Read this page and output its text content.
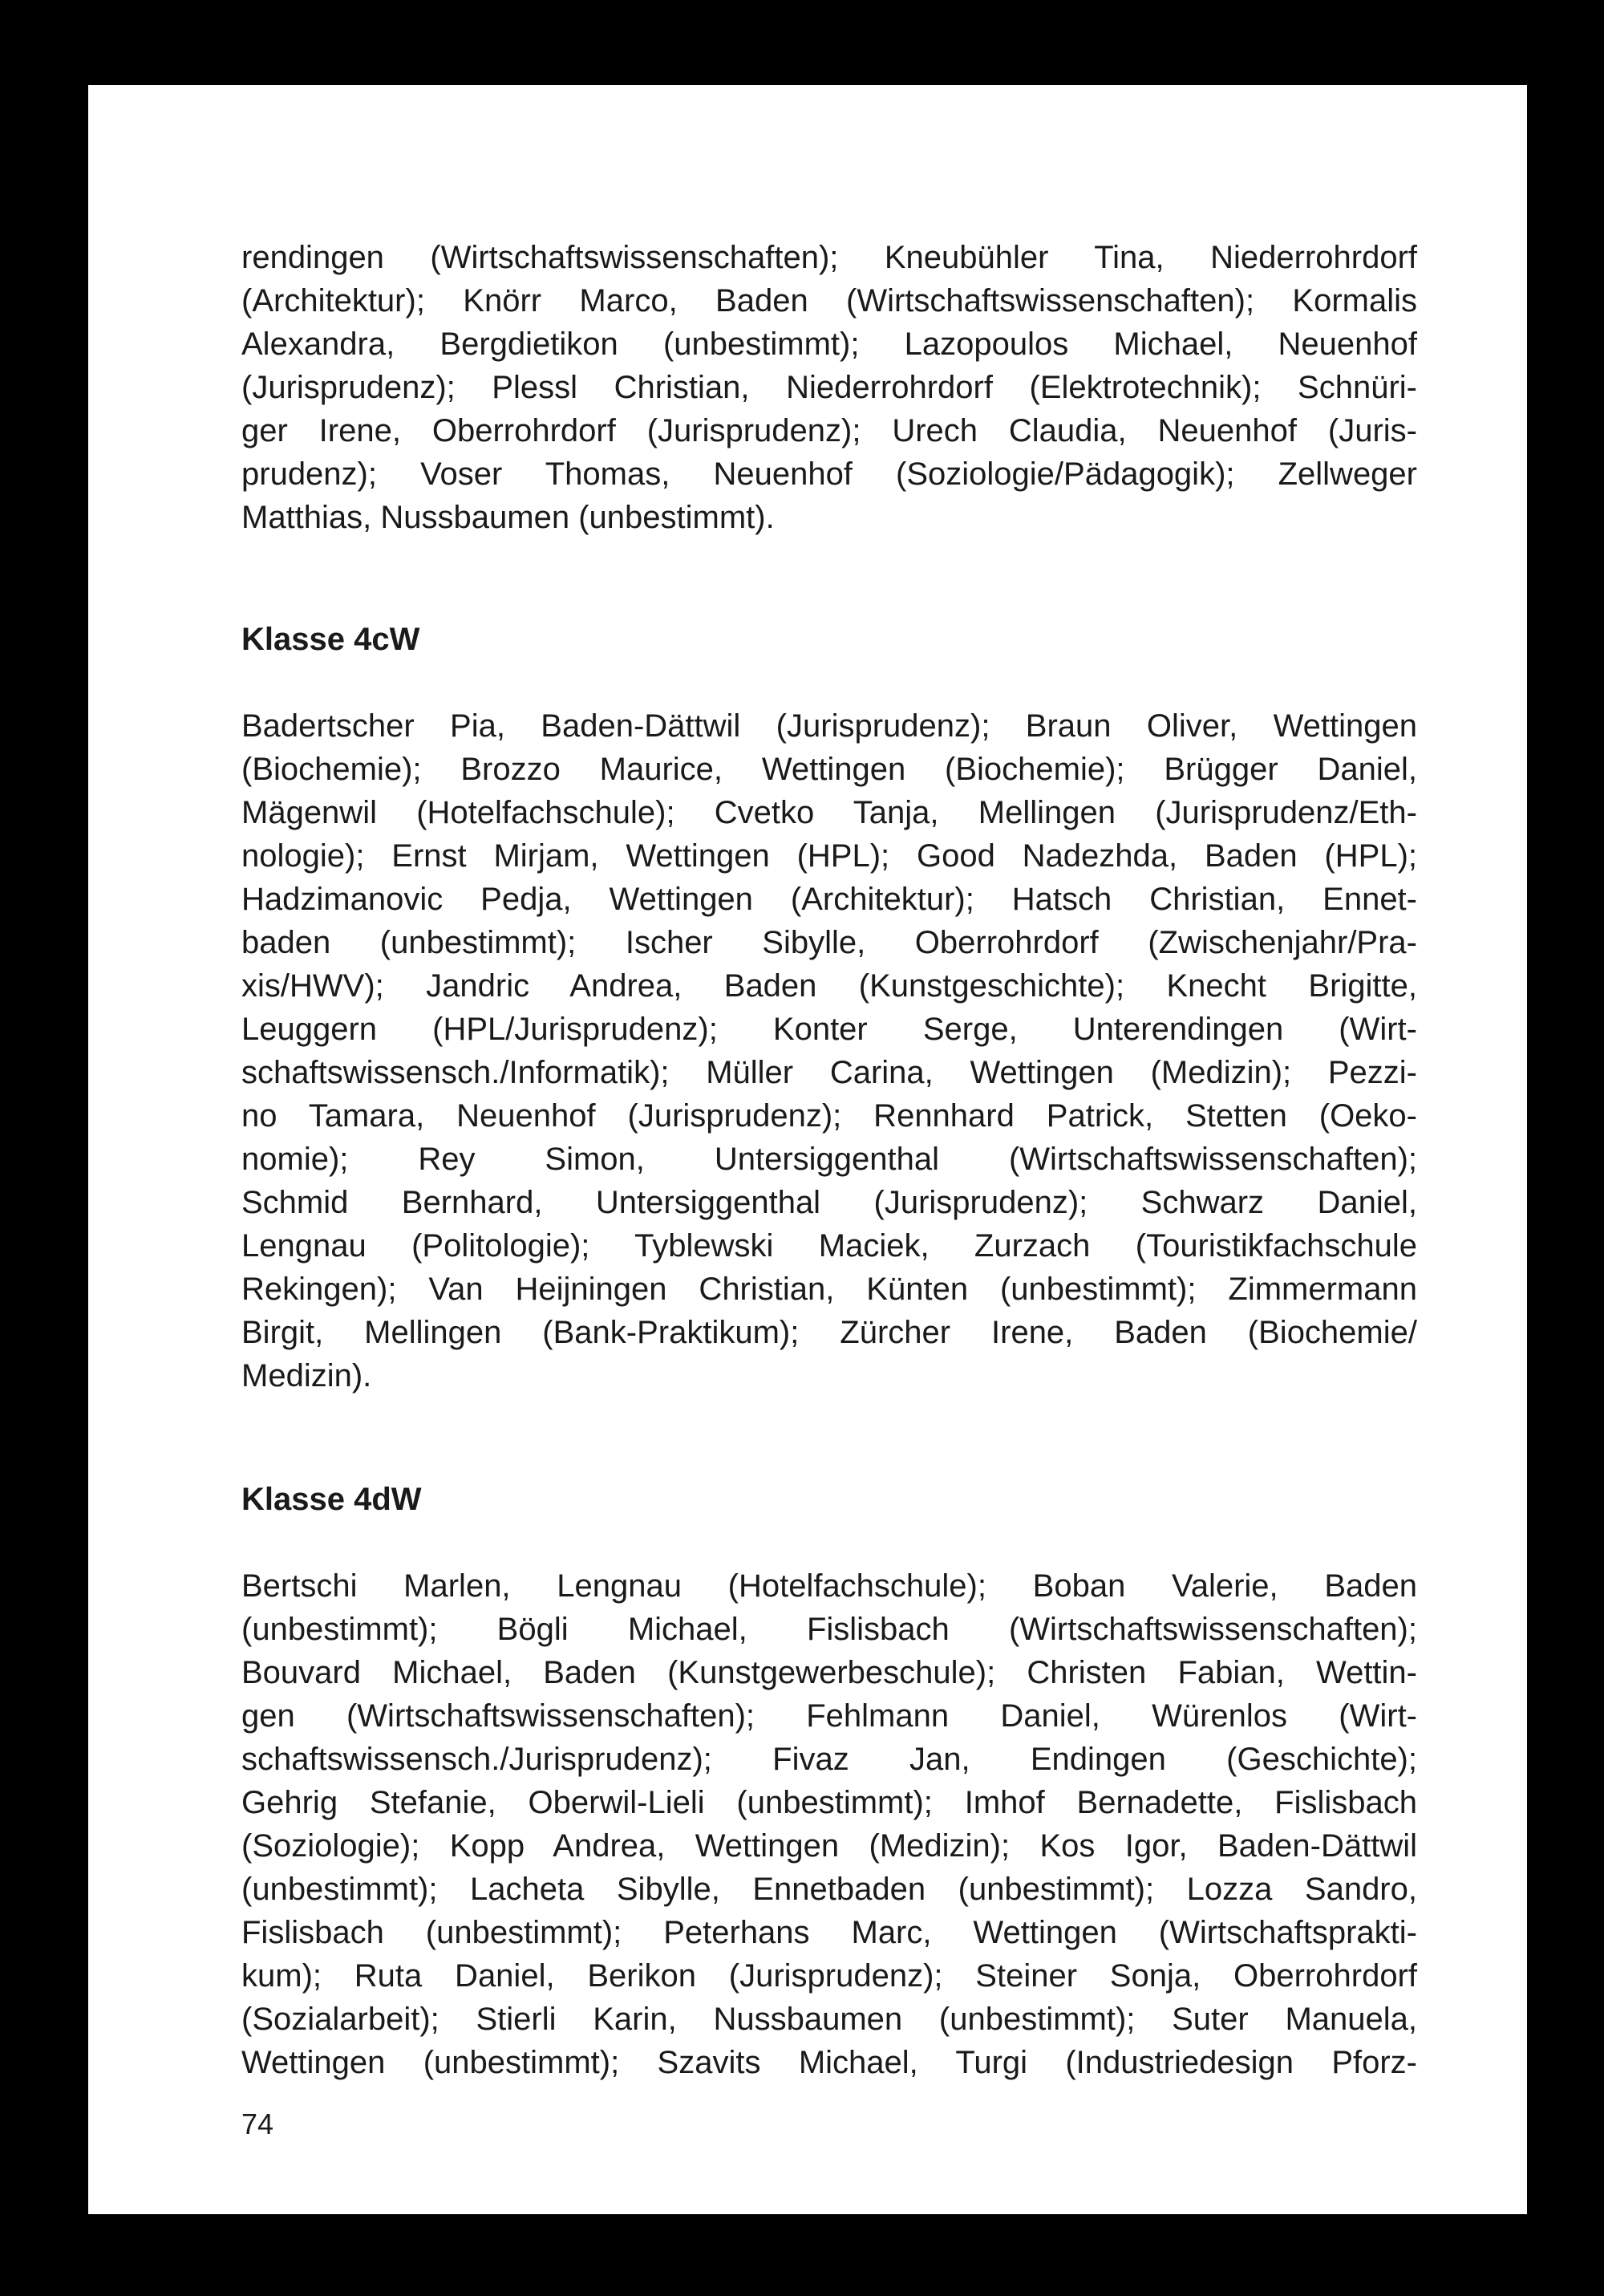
rendingen (Wirtschaftswissenschaften); Kneubühler Tina, Niederrohrdorf
(Architektur); Knörr Marco, Baden (Wirtschaftswissenschaften); Kormalis
Alexandra, Bergdietikon (unbestimmt); Lazopoulos Michael, Neuenhof
(Jurisprudenz); Plessl Christian, Niederrohrdorf (Elektrotechnik); Schnüri-
ger Irene, Oberrohrdorf (Jurisprudenz); Urech Claudia, Neuenhof (Juris-
prudenz); Voser Thomas, Neuenhof (Soziologie/Pädagogik); Zellweger
Matthias, Nussbaumen (unbestimmt).
Klasse 4cW
Badertscher Pia, Baden-Dättwil (Jurisprudenz); Braun Oliver, Wettingen
(Biochemie); Brozzo Maurice, Wettingen (Biochemie); Brügger Daniel,
Mägenwil (Hotelfachschule); Cvetko Tanja, Mellingen (Jurisprudenz/Eth-
nologie); Ernst Mirjam, Wettingen (HPL); Good Nadezhda, Baden (HPL);
Hadzimanovic Pedja, Wettingen (Architektur); Hatsch Christian, Ennet-
baden (unbestimmt); Ischer Sibylle, Oberrohrdorf (Zwischenjahr/Pra-
xis/HWV); Jandric Andrea, Baden (Kunstgeschichte); Knecht Brigitte,
Leuggern (HPL/Jurisprudenz); Konter Serge, Unterendingen (Wirt-
schaftswissensch./Informatik); Müller Carina, Wettingen (Medizin); Pezzi-
no Tamara, Neuenhof (Jurisprudenz); Rennhard Patrick, Stetten (Oeko-
nomie); Rey Simon, Untersiggenthal (Wirtschaftswissenschaften);
Schmid Bernhard, Untersiggenthal (Jurisprudenz); Schwarz Daniel,
Lengnau (Politologie); Tyblewski Maciek, Zurzach (Touristikfachschule
Rekingen); Van Heijningen Christian, Künten (unbestimmt); Zimmermann
Birgit, Mellingen (Bank-Praktikum); Zürcher Irene, Baden (Biochemie/
Medizin).
Klasse 4dW
Bertschi Marlen, Lengnau (Hotelfachschule); Boban Valerie, Baden
(unbestimmt); Bögli Michael, Fislisbach (Wirtschaftswissenschaften);
Bouvard Michael, Baden (Kunstgewerbeschule); Christen Fabian, Wettin-
gen (Wirtschaftswissenschaften); Fehlmann Daniel, Würenlos (Wirt-
schaftswissensch./Jurisprudenz); Fivaz Jan, Endingen (Geschichte);
Gehrig Stefanie, Oberwil-Lieli (unbestimmt); Imhof Bernadette, Fislisbach
(Soziologie); Kopp Andrea, Wettingen (Medizin); Kos Igor, Baden-Dättwil
(unbestimmt); Lacheta Sibylle, Ennetbaden (unbestimmt); Lozza Sandro,
Fislisbach (unbestimmt); Peterhans Marc, Wettingen (Wirtschaftsprakti-
kum); Ruta Daniel, Berikon (Jurisprudenz); Steiner Sonja, Oberrohrdorf
(Sozialarbeit); Stierli Karin, Nussbaumen (unbestimmt); Suter Manuela,
Wettingen (unbestimmt); Szavits Michael, Turgi (Industriedesign Pforz-
74
